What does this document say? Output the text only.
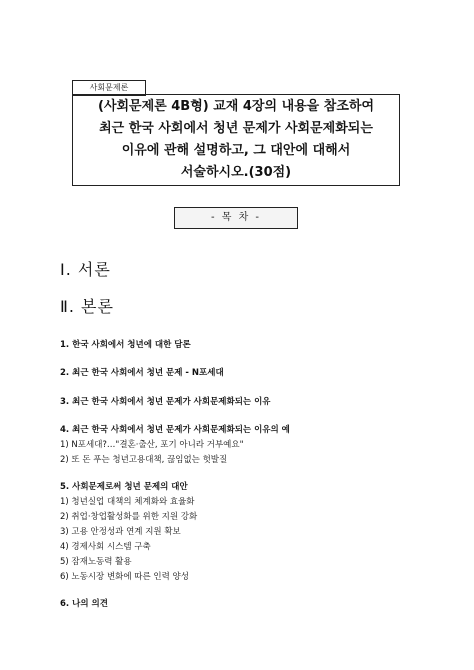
사회문제론
(사회문제론 4B형) 교재 4장의 내용을 참조하여
최근 한국 사회에서 청년 문제가 사회문제화되는
이유에 관해 설명하고, 그 대안에 대해서
서술하시오.(30점)
- 목 차 -
Ⅰ. 서론
Ⅱ. 본론
1. 한국 사회에서 청년에 대한 담론
2. 최근 한국 사회에서 청년 문제 - N포세대
3. 최근 한국 사회에서 청년 문제가 사회문제화되는 이유
4. 최근 한국 사회에서 청년 문제가 사회문제화되는 이유의 예
1) N포세대?…"결혼·출산, 포기 아니라 거부예요"
2) 또 돈 푸는 청년고용대책, 끊임없는 헛발질
5. 사회문제로써 청년 문제의 대안
1) 청년실업 대책의 체계화와 효율화
2) 취업·창업활성화를 위한 지원 강화
3) 고용 안정성과 연계 지원 확보
4) 경제사회 시스템 구축
5) 잠재노동력 활용
6) 노동시장 변화에 따른 인력 양성
6. 나의 의견
